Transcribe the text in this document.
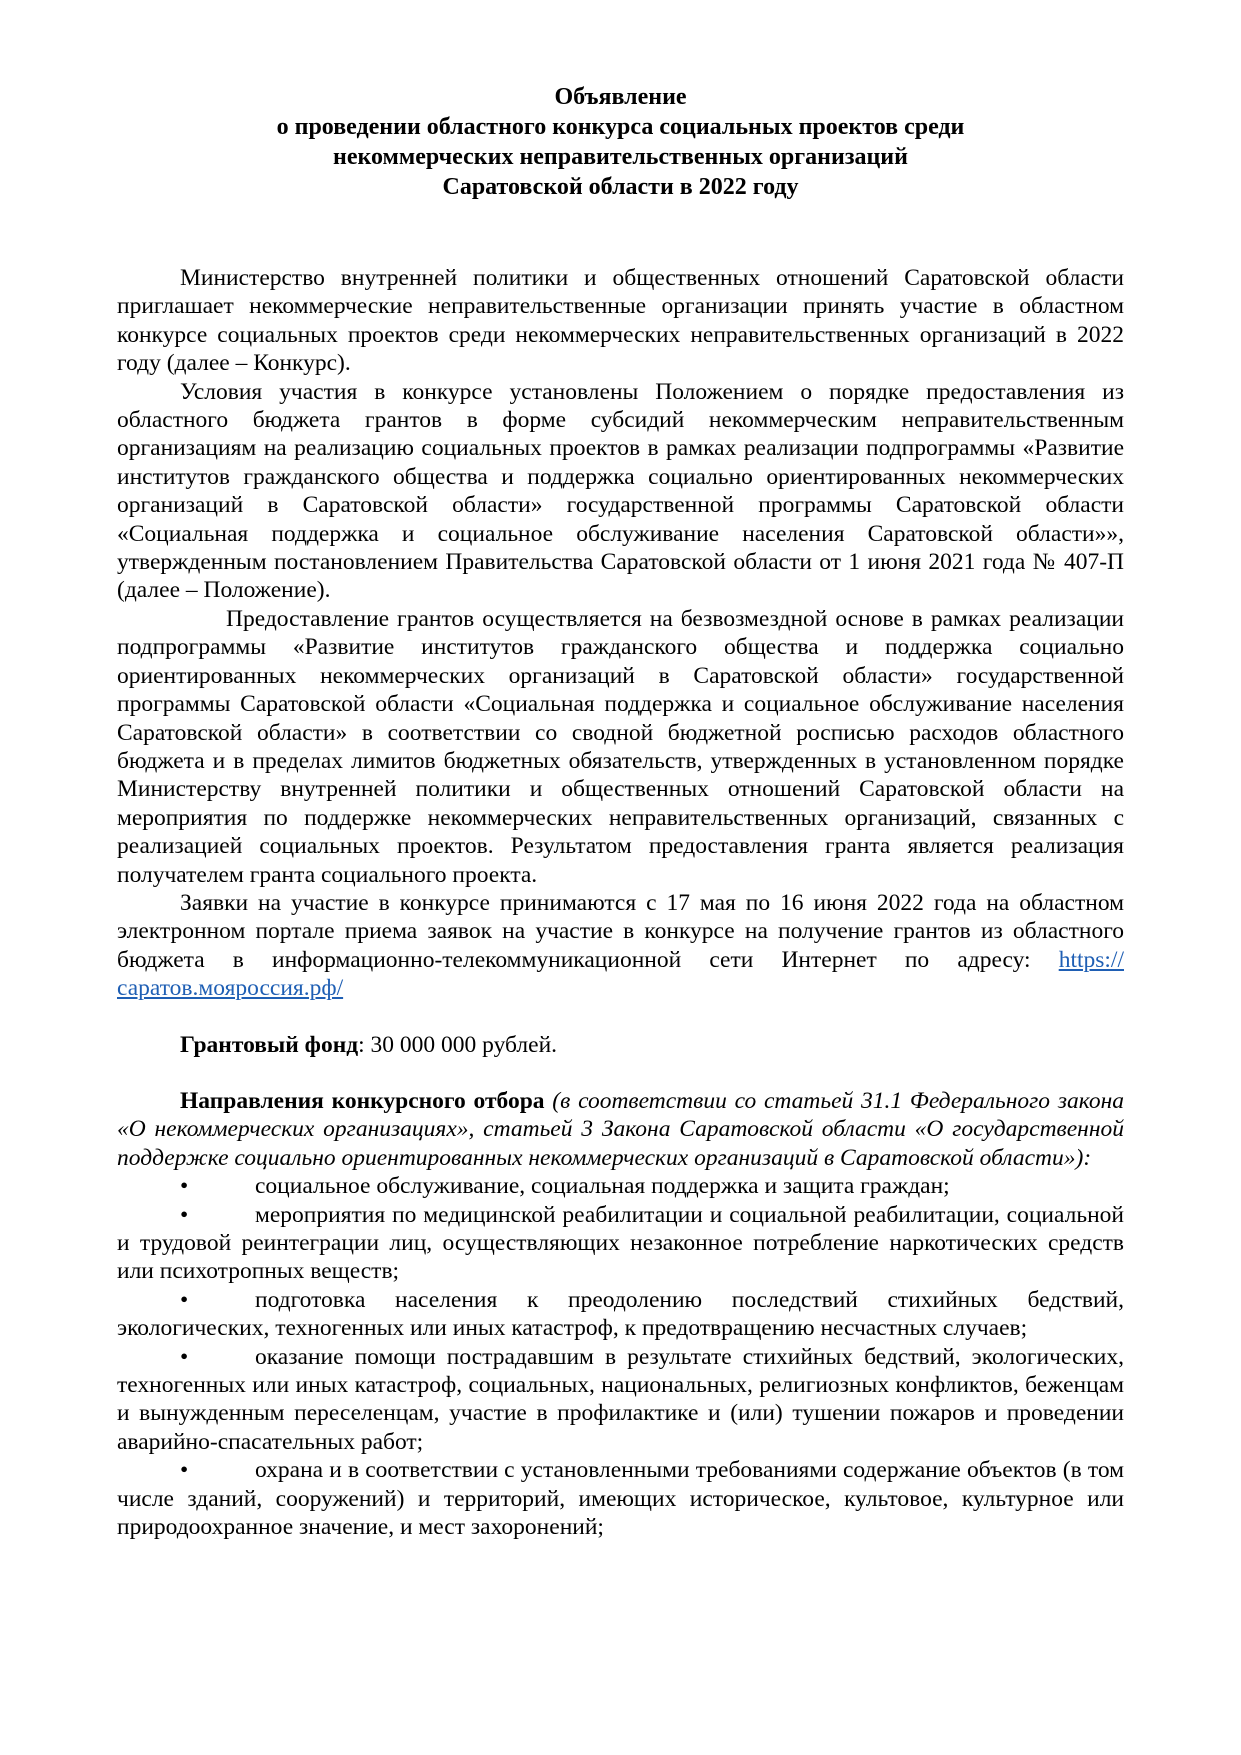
Объявление
о проведении областного конкурса социальных проектов среди
некоммерческих неправительственных организаций
Саратовской области в 2022 году

Министерство внутренней политики и общественных отношений Саратовской области приглашает некоммерческие неправительственные организации принять участие в областном конкурсе социальных проектов среди некоммерческих неправительственных организаций в 2022 году (далее – Конкурс).

Условия участия в конкурсе установлены Положением о порядке предоставления из областного бюджета грантов в форме субсидий некоммерческим неправительственным организациям на реализацию социальных проектов в рамках реализации подпрограммы «Развитие институтов гражданского общества и поддержка социально ориентированных некоммерческих организаций в Саратовской области» государственной программы Саратовской области «Социальная поддержка и социальное обслуживание населения Саратовской области»», утвержденным постановлением Правительства Саратовской области от 1 июня 2021 года № 407-П (далее – Положение).

Предоставление грантов осуществляется на безвозмездной основе в рамках реализации подпрограммы «Развитие институтов гражданского общества и поддержка социально ориентированных некоммерческих организаций в Саратовской области» государственной программы Саратовской области «Социальная поддержка и социальное обслуживание населения Саратовской области» в соответствии со сводной бюджетной росписью расходов областного бюджета и в пределах лимитов бюджетных обязательств, утвержденных в установленном порядке Министерству внутренней политики и общественных отношений Саратовской области на мероприятия по поддержке некоммерческих неправительственных организаций, связанных с реализацией социальных проектов. Результатом предоставления гранта является реализация получателем гранта социального проекта.

Заявки на участие в конкурсе принимаются с 17 мая по 16 июня 2022 года на областном электронном портале приема заявок на участие в конкурсе на получение грантов из областного бюджета в информационно-телекоммуникационной сети Интернет по адресу: https://саратов.мояроссия.рф/

Грантовый фонд: 30 000 000 рублей.

Направления конкурсного отбора (в соответствии со статьей 31.1 Федерального закона «О некоммерческих организациях», статьей 3 Закона Саратовской области «О государственной поддержке социально ориентированных некоммерческих организаций в Саратовской области»):

•	социальное обслуживание, социальная поддержка и защита граждан;
•	мероприятия по медицинской реабилитации и социальной реабилитации, социальной и трудовой реинтеграции лиц, осуществляющих незаконное потребление наркотических средств или психотропных веществ;
•	подготовка населения к преодолению последствий стихийных бедствий, экологических, техногенных или иных катастроф, к предотвращению несчастных случаев;
•	оказание помощи пострадавшим в результате стихийных бедствий, экологических, техногенных или иных катастроф, социальных, национальных, религиозных конфликтов, беженцам и вынужденным переселенцам, участие в профилактике и (или) тушении пожаров и проведении аварийно-спасательных работ;
•	охрана и в соответствии с установленными требованиями содержание объектов (в том числе зданий, сооружений) и территорий, имеющих историческое, культовое, культурное или природоохранное значение, и мест захоронений;
